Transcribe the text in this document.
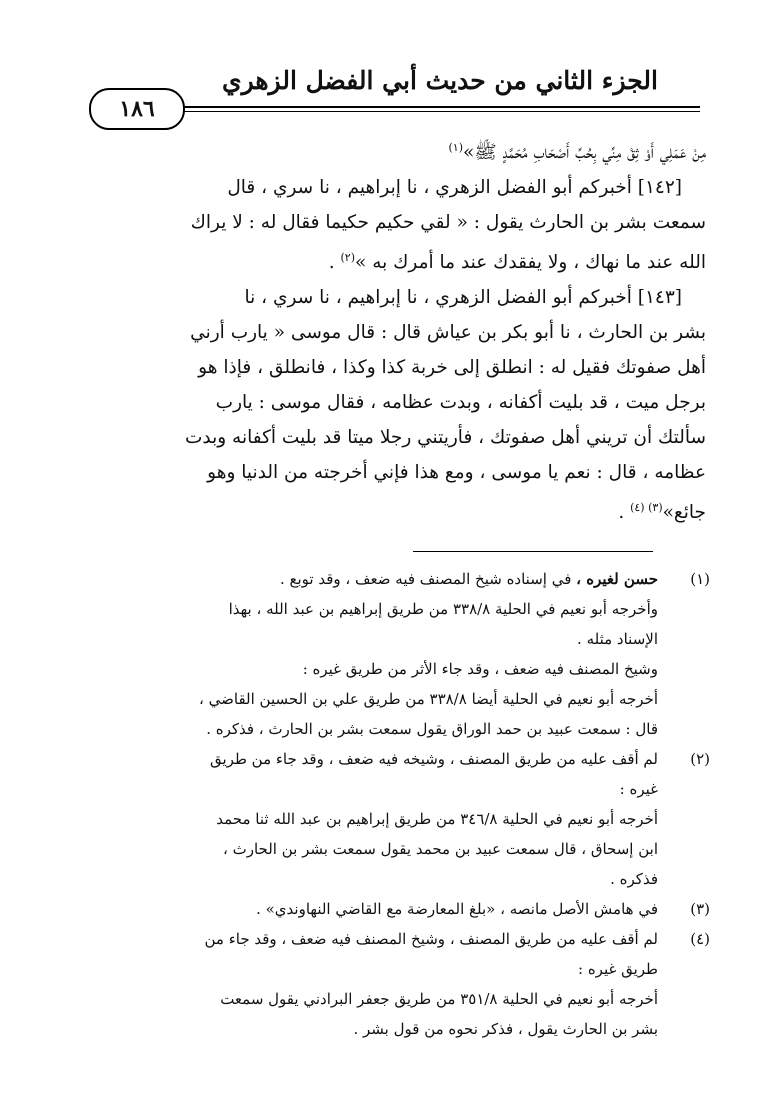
الجزء الثاني من حديث أبي الفضل الزهري
١٨٦

مِنْ عَمَلِي أَوْ ثِقْ مِنِّي بِحُبِّ أَصْحَابِ مُحَمَّدٍ ﷺ»$^{(١)}$

[١٤٢] أخبركم أبو الفضل الزهري ، نا إبراهيم ، نا سري ، قال

سمعت بشر بن الحارث يقول : « لقي حكيم حكيما فقال له : لا يراك

الله عند ما نهاك ، ولا يفقدك عند ما أمرك به »$^{(٢)}$ .

[١٤٣] أخبركم أبو الفضل الزهري ، نا إبراهيم ، نا سري ، نا

بشر بن الحارث ، نا أبو بكر بن عياش قال : قال موسى « يارب أرني

أهل صفوتك فقيل له : انطلق إلى خربة كذا وكذا ، فانطلق ، فإذا هو

برجل ميت ، قد بليت أكفانه ، وبدت عظامه ، فقال موسى : يارب

سألتك أن تريني أهل صفوتك ، فأريتني رجلا ميتا قد بليت أكفانه وبدت

عظامه ، قال : نعم يا موسى ، ومع هذا فإني أخرجته من الدنيا وهو

جائع»$^{(٣) (٤)}$ .

(١)

حسن لغيره ، في إسناده شيخ المصنف فيه ضعف ، وقد توبع .

وأخرجه أبو نعيم في الحلية ٣٣٨/٨ من طريق إبراهيم بن عبد الله ، بهذا

الإسناد مثله .

وشيخ المصنف فيه ضعف ، وقد جاء الأثر من طريق غيره :

أخرجه أبو نعيم في الحلية أيضا ٣٣٨/٨ من طريق علي بن الحسين القاضي ،

قال : سمعت عبيد بن حمد الوراق يقول سمعت بشر بن الحارث ، فذكره .

(٢)

لم أقف عليه من طريق المصنف ، وشيخه فيه ضعف ، وقد جاء من طريق

غيره :

أخرجه أبو نعيم في الحلية ٣٤٦/٨ من طريق إبراهيم بن عبد الله ثنا محمد

ابن إسحاق ، قال سمعت عبيد بن محمد يقول سمعت بشر بن الحارث ،

فذكره .

(٣)

في هامش الأصل مانصه ، «بلغ المعارضة مع القاضي النهاوندي» .

(٤)

لم أقف عليه من طريق المصنف ، وشيخ المصنف فيه ضعف ، وقد جاء من

طريق غيره :

أخرجه أبو نعيم في الحلية ٣٥١/٨ من طريق جعفر البرادني يقول سمعت

بشر بن الحارث يقول ، فذكر نحوه من قول بشر .
